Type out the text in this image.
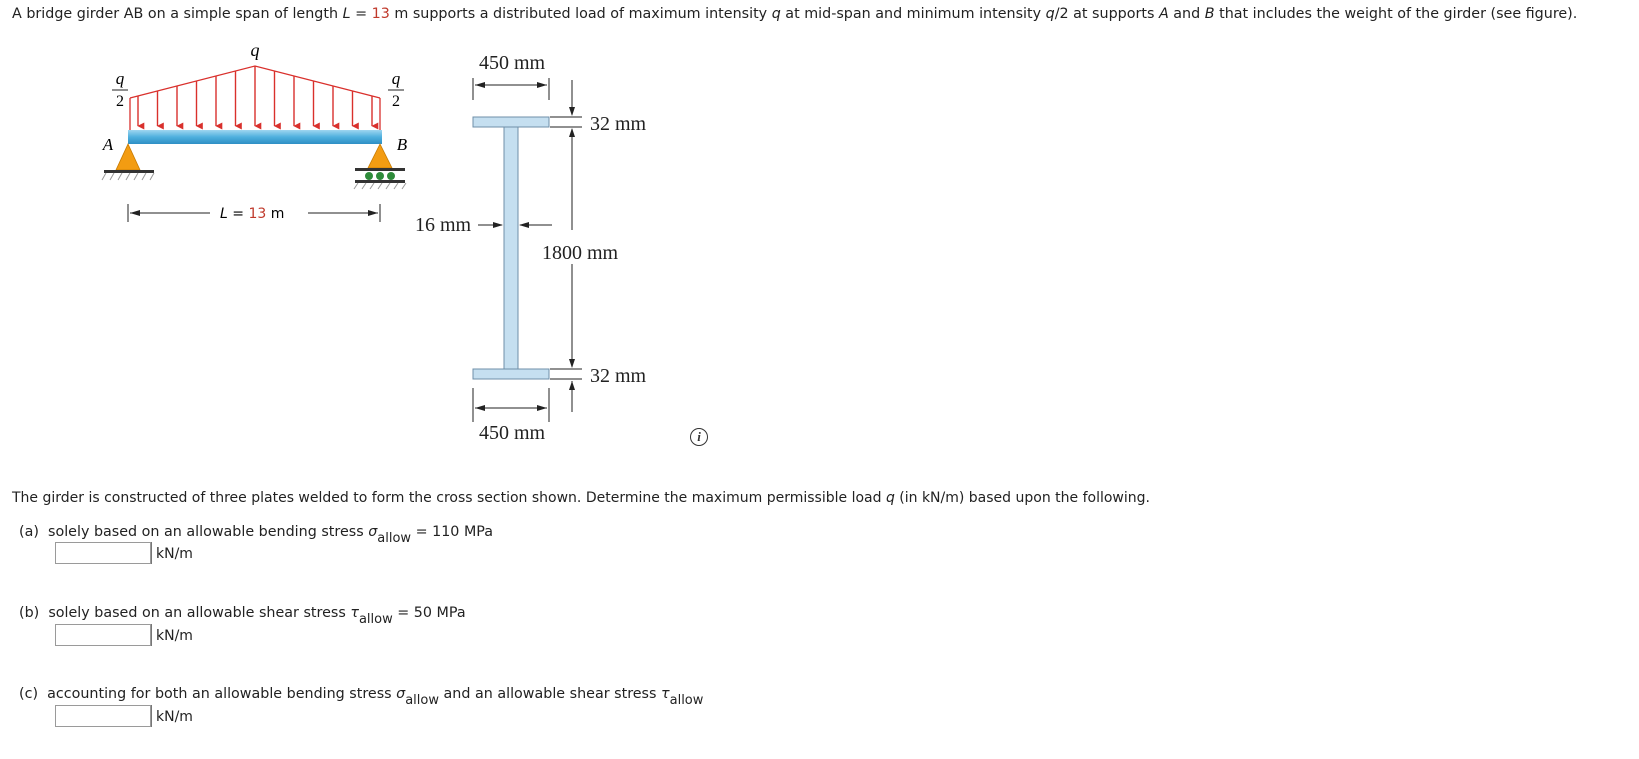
A bridge girder AB on a simple span of length L = 13 m supports a distributed load of maximum intensity q at mid-span and minimum intensity q/2 at supports A and B that includes the weight of the girder (see figure).
q
q
2
q
2
A	B
L = 13 m
450 mm
32 mm
16 mm
1800 mm
32 mm
450 mm	i
The girder is constructed of three plates welded to form the cross section shown. Determine the maximum permissible load q (in kN/m) based upon the following.
(a) solely based on an allowable bending stress σallow = 110 MPa
kN/m
(b) solely based on an allowable shear stress τallow = 50 MPa
kN/m
(c) accounting for both an allowable bending stress σallow and an allowable shear stress τallow
kN/m
